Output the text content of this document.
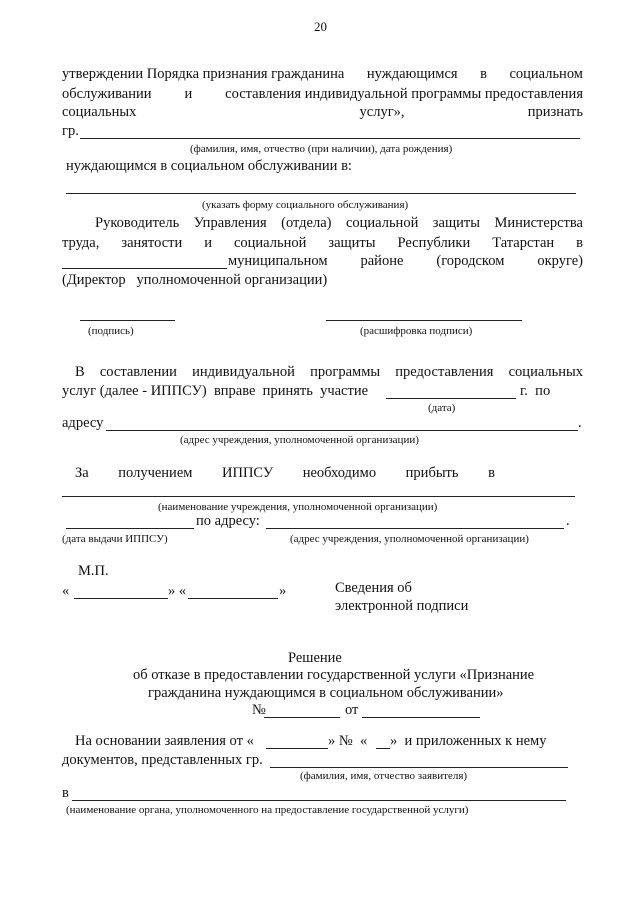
20
утверждении Порядка признания гражданина нуждающимся в социальном
обслуживании и составления индивидуальной программы предоставления
социальных	услуг»,	признать
гр.
(фамилия, имя, отчество (при наличии), дата рождения)
нуждающимся в социальном обслуживании в:
(указать форму социального обслуживания)
Руководитель Управления (отдела) социальной защиты Министерства
труда, занятости и социальной защиты Республики Татарстан в
муниципальном районе (городском округе)
(Директор   уполномоченной организации)
(подпись)	(расшифровка подписи)
В составлении индивидуальной программы предоставления социальных
услуг (далее - ИППСУ)  вправе  принять  участие	г.  по
(дата)
адресу	.
(адрес учреждения, уполномоченной организации)
За получением ИППСУ необходимо прибыть в
(наименование учреждения, уполномоченной организации)
по адресу:	.
(дата выдачи ИППСУ)	(адрес учреждения, уполномоченной организации)
М.П.
«	» «	»	Сведения об
электронной подписи
Решение
об отказе в предоставлении государственной услуги «Признание
гражданина нуждающимся в социальном обслуживании»
№	от
На основании заявления от «	» №  « »  и приложенных к нему
документов, представленных гр.
(фамилия, имя, отчество заявителя)
в
(наименование органа, уполномоченного на предоставление государственной услуги)
